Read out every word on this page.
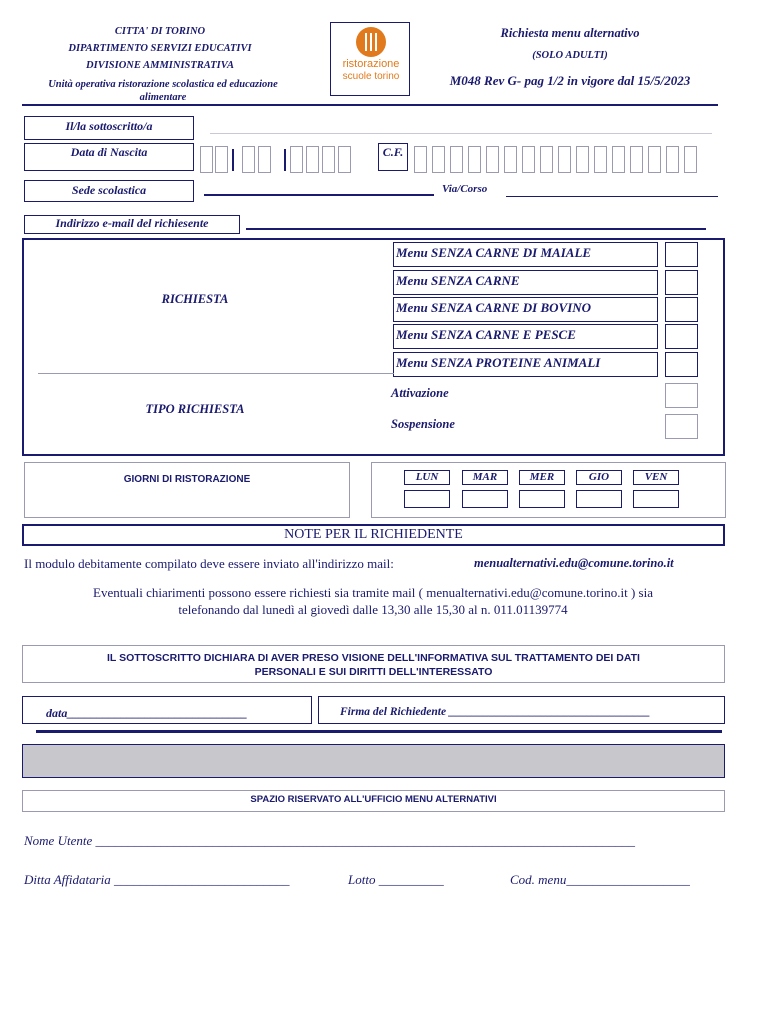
CITTA' DI TORINO
DIPARTIMENTO SERVIZI EDUCATIVI
DIVISIONE AMMINISTRATIVA
Unità operativa ristorazione scolastica ed educazione alimentare
ristorazione
scuole torino
Richiesta menu alternativo
(SOLO ADULTI)
M048 Rev G- pag 1/2 in vigore dal 15/5/2023
Il/la sottoscritto/a
Data di Nascita	C.F.
Sede scolastica	Via/Corso
Indirizzo e-mail del richiesente
RICHIESTA
Menu SENZA CARNE DI MAIALE
Menu SENZA CARNE
Menu SENZA CARNE DI BOVINO
Menu SENZA CARNE E PESCE
Menu SENZA PROTEINE ANIMALI
TIPO RICHIESTA
Attivazione
Sospensione
GIORNI DI RISTORAZIONE	LUN	MAR	MER	GIO	VEN
NOTE PER IL RICHIEDENTE
Il modulo debitamente compilato deve essere inviato all'indirizzo mail:	menualternativi.edu@comune.torino.it
Eventuali chiarimenti possono essere richiesti sia tramite mail ( menualternativi.edu@comune.torino.it ) sia
telefonando dal lunedì al giovedì dalle 13,30 alle 15,30 al n. 011.01139774
IL SOTTOSCRITTO DICHIARA DI AVER PRESO VISIONE DELL'INFORMATIVA SUL TRATTAMENTO DEI DATI
PERSONALI E SUI DIRITTI DELL'INTERESSATO
data______________________________	Firma del Richiedente ___________________________________
SPAZIO RISERVATO ALL'UFFICIO MENU ALTERNATIVI
Nome Utente ___________________________________________________________________________________
Ditta Affidataria ___________________________	Lotto __________	Cod. menu___________________
